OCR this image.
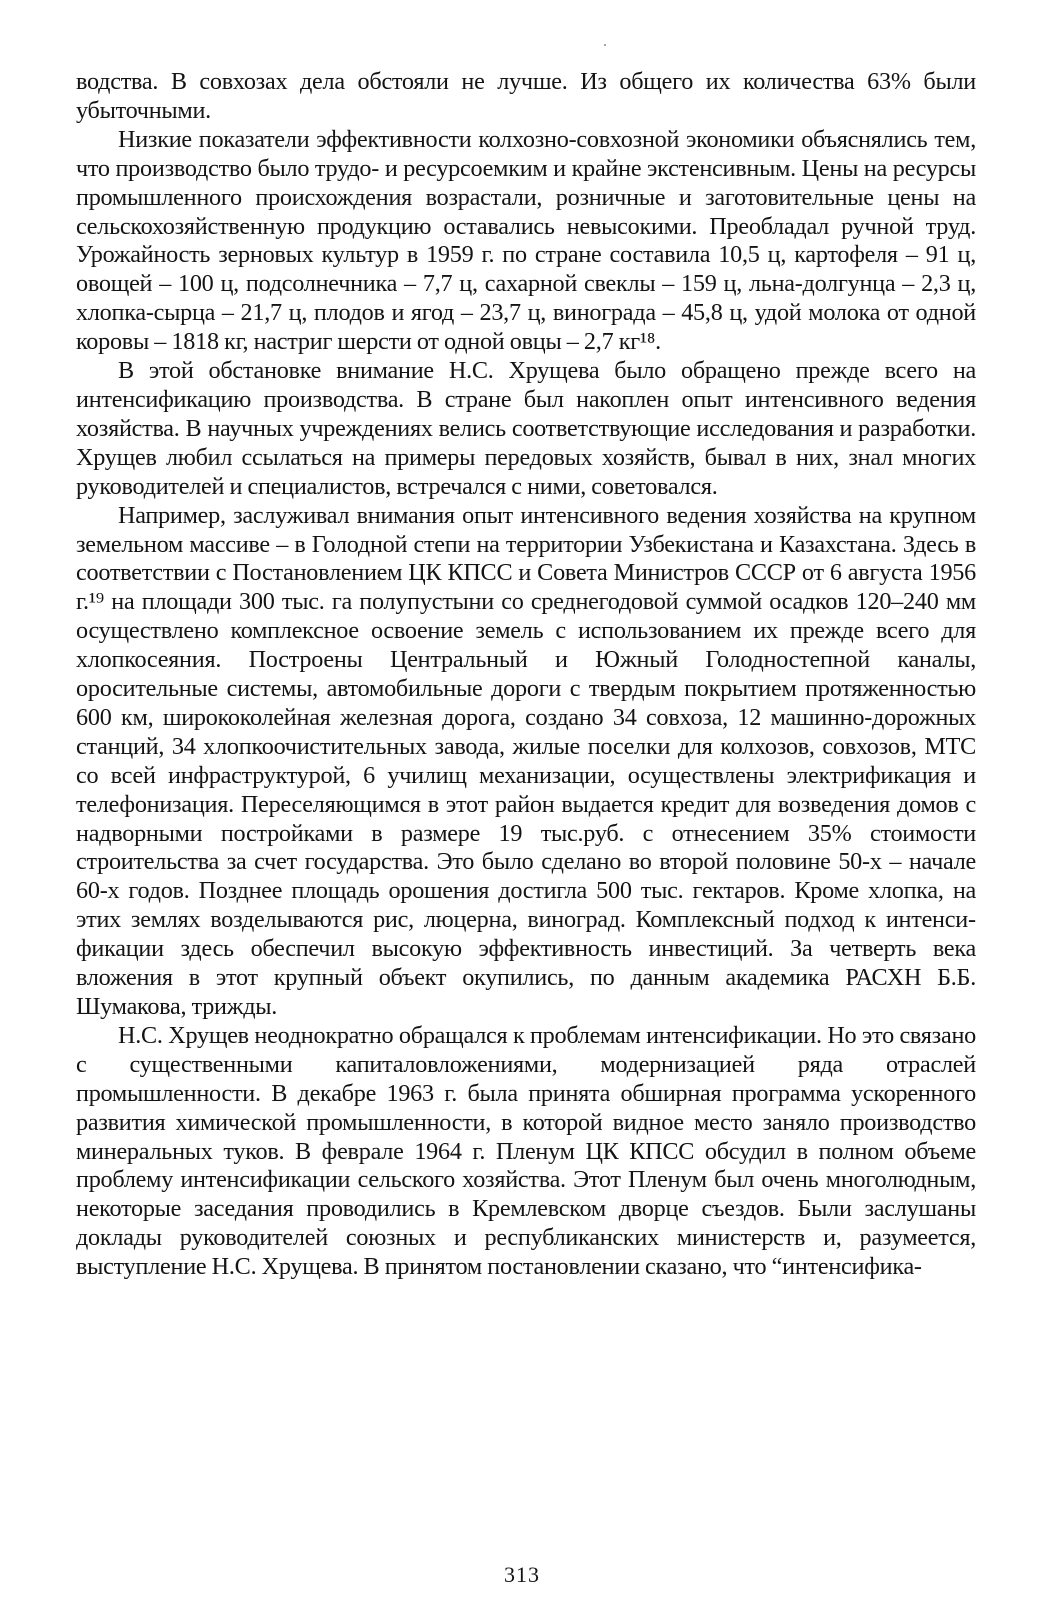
водства. В совхозах дела обстояли не лучше. Из общего их количества 63% были убыточными.

Низкие показатели эффективности колхозно-совхозной экономики объяснялись тем, что производство было трудо- и ресурсоемким и крайне экстенсивным. Цены на ресурсы промышленного происхождения возрастали, розничные и заготовительные цены на сельскохозяйственную продукцию оставались невысокими. Преобладал ручной труд. Урожайность зерновых культур в 1959 г. по стране составила 10,5 ц, картофеля – 91 ц, овощей – 100 ц, подсолнечника – 7,7 ц, сахарной свеклы – 159 ц, льна-долгунца – 2,3 ц, хлопка-сырца – 21,7 ц, плодов и ягод – 23,7 ц, винограда – 45,8 ц, удой молока от одной коровы – 1818 кг, настриг шерсти от одной овцы – 2,7 кг¹⁸.

В этой обстановке внимание Н.С. Хрущева было обращено прежде всего на интенсификацию производства. В стране был накоплен опыт интенсивного ведения хозяйства. В научных учреждениях велись соответствующие исследования и разработки. Хрущев любил ссылаться на примеры передовых хозяйств, бывал в них, знал многих руководителей и специалистов, встречался с ними, советовался.

Например, заслуживал внимания опыт интенсивного ведения хозяйства на крупном земельном массиве – в Голодной степи на территории Узбекистана и Казахстана. Здесь в соответствии с Постановлением ЦК КПСС и Совета Министров СССР от 6 августа 1956 г.¹⁹ на площади 300 тыс. га полупустыни со среднегодовой суммой осадков 120–240 мм осуществлено комплексное освоение земель с использованием их прежде всего для хлопкосеяния. Построены Центральный и Южный Голодностепной каналы, оросительные системы, автомобильные дороги с твердым покрытием протяженностью 600 км, ширококолейная железная дорога, создано 34 совхоза, 12 машинно-дорожных станций, 34 хлопкоочистительных завода, жилые поселки для колхозов, совхозов, МТС со всей инфраструктурой, 6 училищ механизации, осуществлены электрификация и телефонизация. Переселяющимся в этот район выдается кредит для возведения домов с надворными постройками в размере 19 тыс.руб. с отнесением 35% стоимости строительства за счет государства. Это было сделано во второй половине 50-х – начале 60-х годов. Позднее площадь орошения достигла 500 тыс. гектаров. Кроме хлопка, на этих землях возделываются рис, люцерна, виноград. Комплексный подход к интенсификации здесь обеспечил высокую эффективность инвестиций. За четверть века вложения в этот крупный объект окупились, по данным академика РАСХН Б.Б. Шумакова, трижды.

Н.С. Хрущев неоднократно обращался к проблемам интенсификации. Но это связано с существенными капиталовложениями, модернизацией ряда отраслей промышленности. В декабре 1963 г. была принята обширная программа ускоренного развития химической промышленности, в которой видное место заняло производство минеральных туков. В феврале 1964 г. Пленум ЦК КПСС обсудил в полном объеме проблему интенсификации сельского хозяйства. Этот Пленум был очень многолюдным, некоторые заседания проводились в Кремлевском дворце съездов. Были заслушаны доклады руководителей союзных и республиканских министерств и, разумеется, выступление Н.С. Хрущева. В принятом постановлении сказано, что “интенсифика-

313
